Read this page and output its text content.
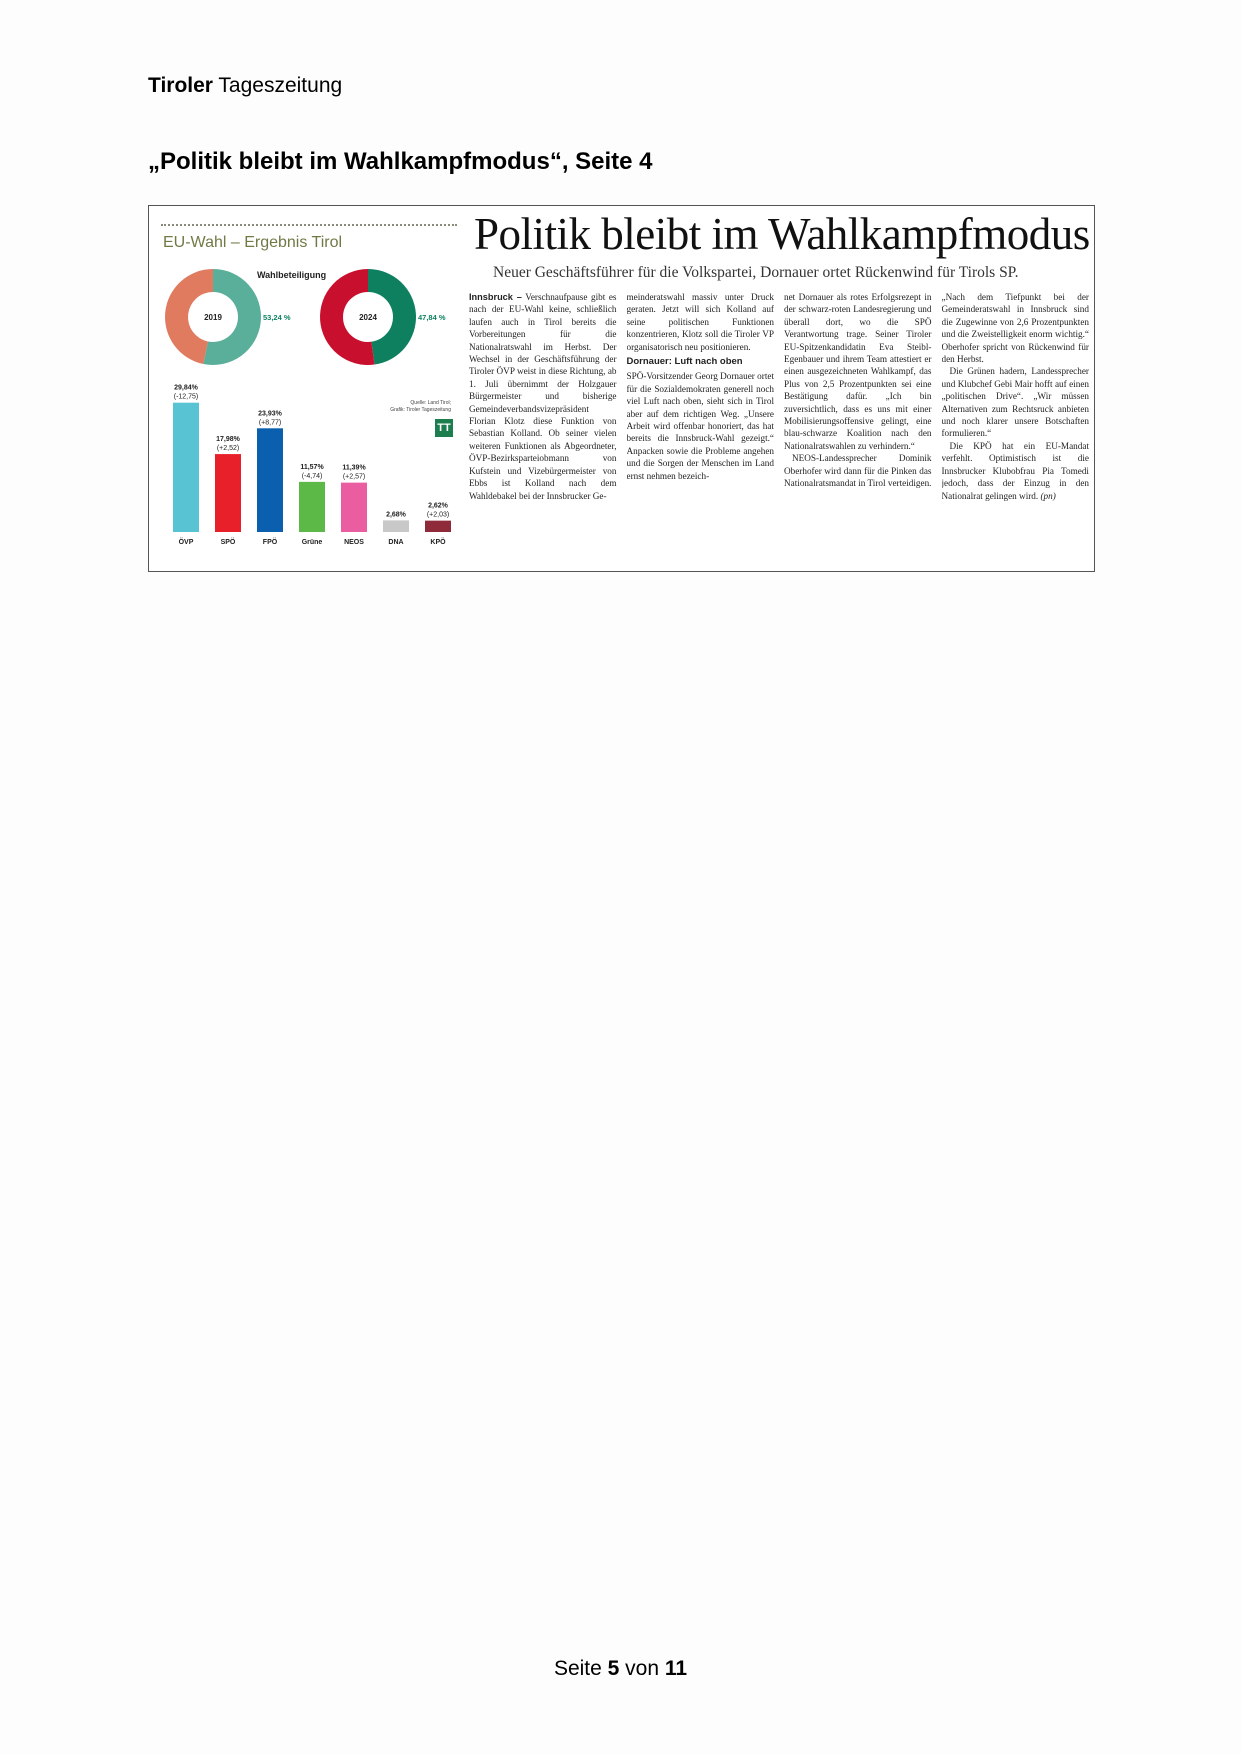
Tiroler Tageszeitung
„Politik bleibt im Wahlkampfmodus“, Seite 4
EU-Wahl – Ergebnis Tirol
Wahlbeteiligung
2019	53,24 %	2024	47,84 %
29,84%
(-12,75)
ÖVP
17,98%
(+2,52)
SPÖ
23,93%
(+8,77)
FPÖ
11,57%
(-4,74)
Grüne
11,39%
(+2,57)
NEOS
2,68%
DNA
2,62%
(+2,03)
KPÖ
Quelle: Land Tirol;
Grafik: Tiroler Tageszeitung
TT
Politik bleibt im Wahlkampfmodus
Neuer Geschäftsführer für die Volkspartei, Dornauer ortet Rückenwind für Tirols SP.

Innsbruck – Verschnaufpause gibt es nach der EU-Wahl keine, schließlich laufen auch in Tirol bereits die Vorbereitungen für die Nationalratswahl im Herbst. Der Wechsel in der Geschäftsführung der Tiroler ÖVP weist in diese Richtung, ab 1. Juli übernimmt der Holzgauer Bürgermeister und bisherige Gemeindeverbandsvizepräsident Florian Klotz diese Funktion von Sebastian Kolland. Ob seiner vielen weiteren Funktionen als Abgeordneter, ÖVP-Bezirksparteiobmann von Kufstein und Vizebürgermeister von Ebbs ist Kolland nach dem Wahldebakel bei der Innsbrucker Ge-

meinderatswahl massiv unter Druck geraten. Jetzt will sich Kolland auf seine politischen Funktionen konzentrieren, Klotz soll die Tiroler VP organisatorisch neu positionieren.

Dornauer: Luft nach oben

SPÖ-Vorsitzender Georg Dornauer ortet für die Sozialdemokraten generell noch viel Luft nach oben, sieht sich in Tirol aber auf dem richtigen Weg. „Unsere Arbeit wird offenbar honoriert, das hat bereits die Innsbruck-Wahl gezeigt.“ Anpacken sowie die Probleme angehen und die Sorgen der Menschen im Land ernst nehmen bezeich-

net Dornauer als rotes Erfolgsrezept in der schwarz-roten Landesregierung und überall dort, wo die SPÖ Verantwortung trage. Seiner Tiroler EU-Spitzenkandidatin Eva Steibl-Egenbauer und ihrem Team attestiert er einen ausgezeichneten Wahlkampf, das Plus von 2,5 Prozentpunkten sei eine Bestätigung dafür. „Ich bin zuversichtlich, dass es uns mit einer Mobilisierungsoffensive gelingt, eine blau-schwarze Koalition nach den Nationalratswahlen zu verhindern.“

NEOS-Landessprecher Dominik Oberhofer wird dann für die Pinken das Nationalratsmandat in Tirol verteidigen.

„Nach dem Tiefpunkt bei der Gemeinderatswahl in Innsbruck sind die Zugewinne von 2,6 Prozentpunkten und die Zweistelligkeit enorm wichtig.“ Oberhofer spricht von Rückenwind für den Herbst.

Die Grünen hadern, Landessprecher und Klubchef Gebi Mair hofft auf einen „politischen Drive“. „Wir müssen Alternativen zum Rechtsruck anbieten und noch klarer unsere Botschaften formulieren.“

Die KPÖ hat ein EU-Mandat verfehlt. Optimistisch ist die Innsbrucker Klubobfrau Pia Tomedi jedoch, dass der Einzug in den Nationalrat gelingen wird. (pn)

Seite 5 von 11
